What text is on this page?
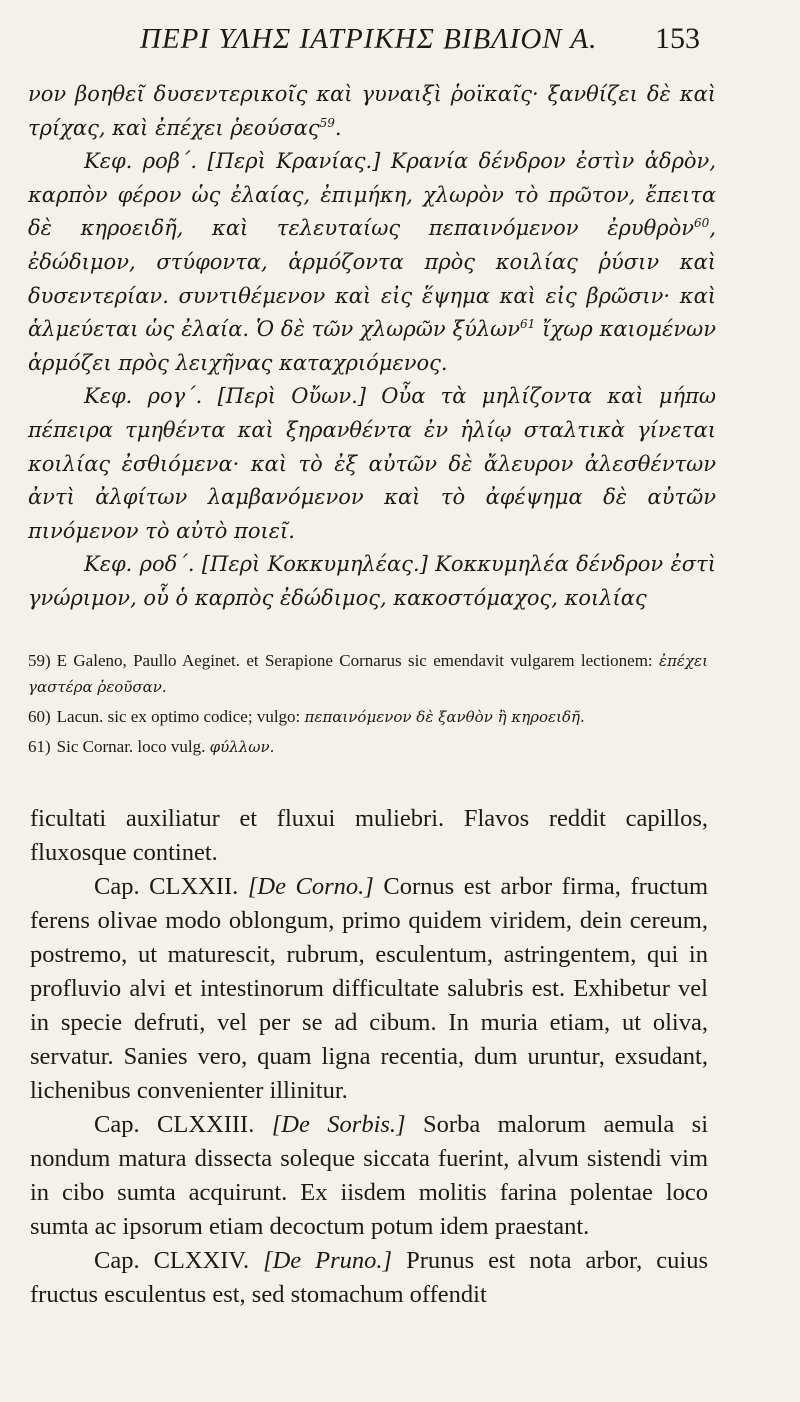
ΠΕΡΙ ΥΛΗΣ ΙΑΤΡΙΚΗΣ ΒΙΒΛΙΟΝ Α. 153

νον βοηθεῖ δυσεντερικοῖς καὶ γυναιξὶ ῥοϊκαῖς· ξανθίζει δὲ καὶ τρίχας, καὶ ἐπέχει ῥεούσας$^{59}$.

Κεφ. ροβ΄. [Περὶ Κρανίας.] Κρανία δένδρον ἐστὶν ἁδρὸν, καρπὸν φέρον ὡς ἐλαίας, ἐπιμήκη, χλωρὸν τὸ πρῶτον, ἔπειτα δὲ κηροειδῆ, καὶ τελευταίως πεπαινόμενον ἐρυθρὸν$^{60}$, ἐδώδιμον, στύφοντα, ἁρμόζοντα πρὸς κοιλίας ῥύσιν καὶ δυσεντερίαν. συντιθέμενον καὶ εἰς ἕψημα καὶ εἰς βρῶσιν· καὶ ἁλμεύεται ὡς ἐλαία. Ὁ δὲ τῶν χλωρῶν ξύλων$^{61}$ ἴχωρ καιομένων ἁρμόζει πρὸς λειχῆνας καταχριόμενος.

Κεφ. ρογ΄. [Περὶ Οὔων.] Οὖα τὰ μηλίζοντα καὶ μήπω πέπειρα τμηθέντα καὶ ξηρανθέντα ἐν ἡλίῳ σταλτικὰ γίνεται κοιλίας ἐσθιόμενα· καὶ τὸ ἐξ αὐτῶν δὲ ἄλευρον ἀλεσθέντων ἀντὶ ἀλφίτων λαμβανόμενον καὶ τὸ ἀφέψημα δὲ αὐτῶν πινόμενον τὸ αὐτὸ ποιεῖ.

Κεφ. ροδ΄. [Περὶ Κοκκυμηλέας.] Κοκκυμηλέα δένδρον ἐστὶ γνώριμον, οὗ ὁ καρπὸς ἐδώδιμος, κακοστόμαχος, κοιλίας

59) E Galeno, Paullo Aeginet. et Serapione Cornarus sic emendavit vulgarem lectionem: ἐπέχει γαστέρα ῥεοῦσαν.

60) Lacun. sic ex optimo codice; vulgo: πεπαινόμενον δὲ ξανθὸν ἢ κηροειδῆ.

61) Sic Cornar. loco vulg. φύλλων.

ficultati auxiliatur et fluxui muliebri. Flavos reddit capillos, fluxosque continet.

Cap. CLXXII. [De Corno.] Cornus est arbor firma, fructum ferens olivae modo oblongum, primo quidem viridem, dein cereum, postremo, ut maturescit, rubrum, esculentum, astringentem, qui in profluvio alvi et intestinorum difficultate salubris est. Exhibetur vel in specie defruti, vel per se ad cibum. In muria etiam, ut oliva, servatur. Sanies vero, quam ligna recentia, dum uruntur, exsudant, lichenibus convenienter illinitur.

Cap. CLXXIII. [De Sorbis.] Sorba malorum aemula si nondum matura dissecta soleque siccata fuerint, alvum sistendi vim in cibo sumta acquirunt. Ex iisdem molitis farina polentae loco sumta ac ipsorum etiam decoctum potum idem praestant.

Cap. CLXXIV. [De Pruno.] Prunus est nota arbor, cuius fructus esculentus est, sed stomachum offendit
